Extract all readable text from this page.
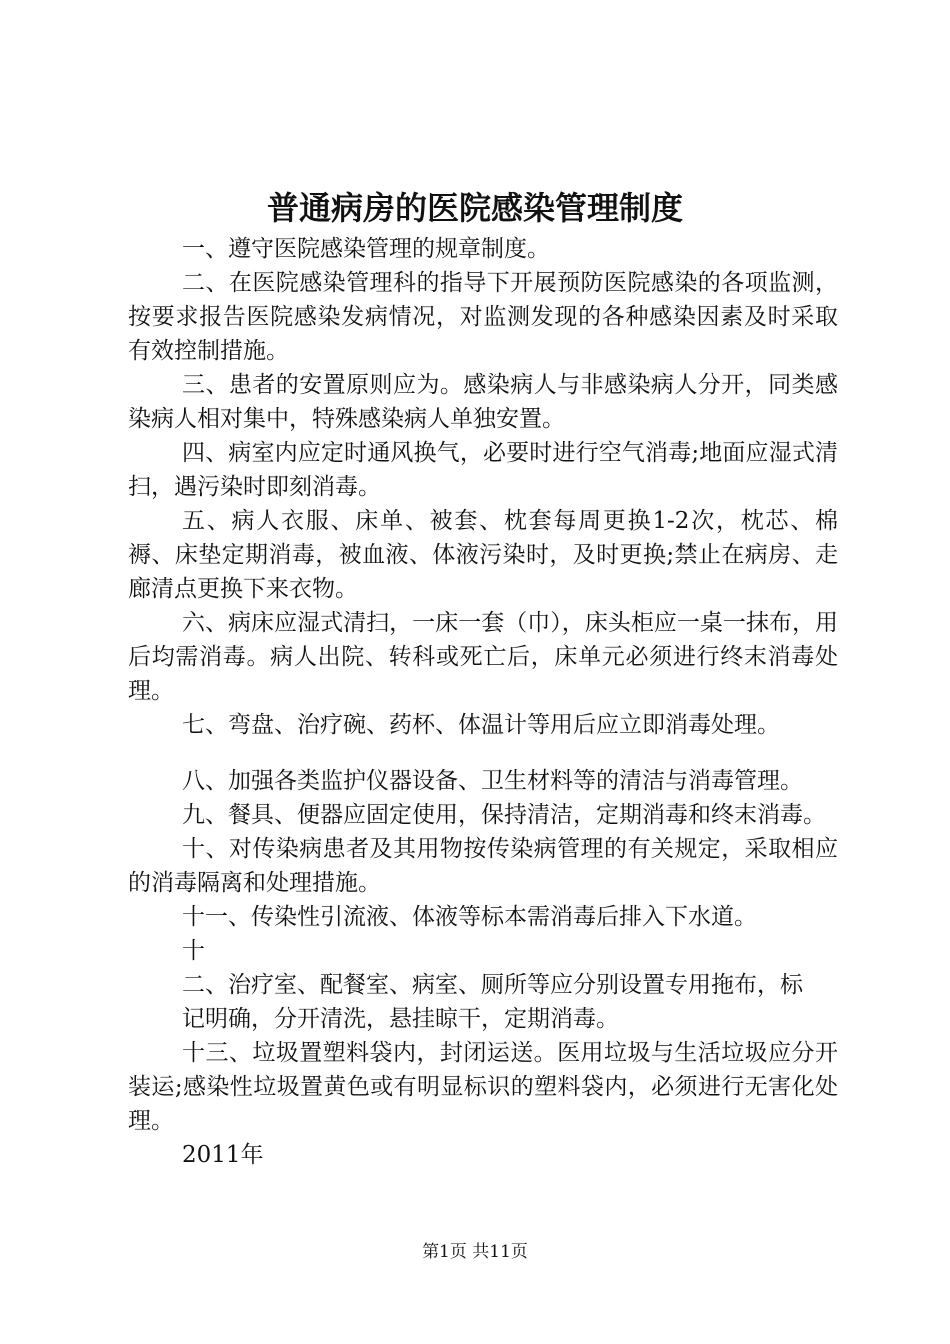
普通病房的医院感染管理制度

一、遵守医院感染管理的规章制度。

二、在医院感染管理科的指导下开展预防医院感染的各项监测，按要求报告医院感染发病情况，对监测发现的各种感染因素及时采取有效控制措施。

三、患者的安置原则应为。感染病人与非感染病人分开，同类感染病人相对集中，特殊感染病人单独安置。

四、病室内应定时通风换气，必要时进行空气消毒;地面应湿式清扫，遇污染时即刻消毒。

五、病人衣服、床单、被套、枕套每周更换1-2次，枕芯、棉褥、床垫定期消毒，被血液、体液污染时，及时更换;禁止在病房、走廊清点更换下来衣物。

六、病床应湿式清扫，一床一套（巾），床头柜应一桌一抹布，用后均需消毒。病人出院、转科或死亡后，床单元必须进行终末消毒处理。

七、弯盘、治疗碗、药杯、体温计等用后应立即消毒处理。

八、加强各类监护仪器设备、卫生材料等的清洁与消毒管理。

九、餐具、便器应固定使用，保持清洁，定期消毒和终末消毒。

十、对传染病患者及其用物按传染病管理的有关规定，采取相应的消毒隔离和处理措施。

十一、传染性引流液、体液等标本需消毒后排入下水道。

十

二、治疗室、配餐室、病室、厕所等应分别设置专用拖布，标

记明确，分开清洗，悬挂晾干，定期消毒。

十三、垃圾置塑料袋内，封闭运送。医用垃圾与生活垃圾应分开装运;感染性垃圾置黄色或有明显标识的塑料袋内，必须进行无害化处理。

2011年

第1页 共11页
